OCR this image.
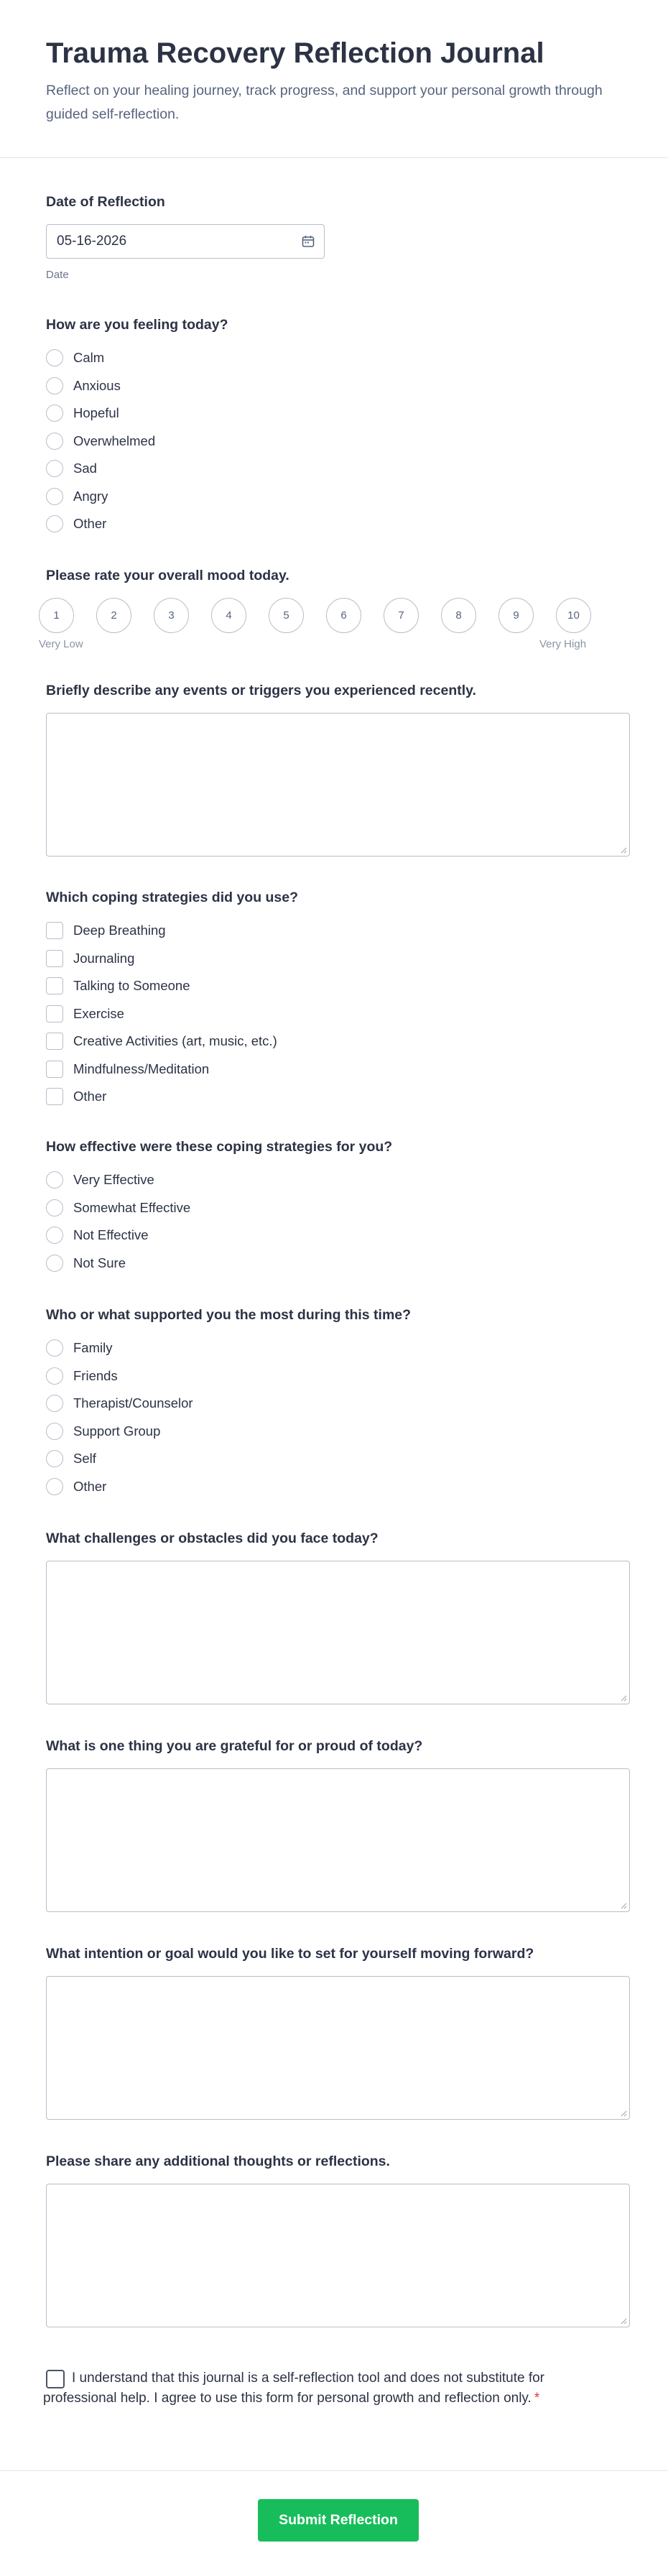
Trauma Recovery Reflection Journal
Reflect on your healing journey, track progress, and support your personal growth through guided self-reflection.
Date of Reflection
05-16-2026
Date
How are you feeling today?
Calm
Anxious
Hopeful
Overwhelmed
Sad
Angry
Other
Please rate your overall mood today.
1	2	3	4	5	6	7	8	9	10
Very Low	Very High
Briefly describe any events or triggers you experienced recently.
Which coping strategies did you use?
Deep Breathing
Journaling
Talking to Someone
Exercise
Creative Activities (art, music, etc.)
Mindfulness/Meditation
Other
How effective were these coping strategies for you?
Very Effective
Somewhat Effective
Not Effective
Not Sure
Who or what supported you the most during this time?
Family
Friends
Therapist/Counselor
Support Group
Self
Other
What challenges or obstacles did you face today?
What is one thing you are grateful for or proud of today?
What intention or goal would you like to set for yourself moving forward?
Please share any additional thoughts or reflections.
I understand that this journal is a self-reflection tool and does not substitute for professional help. I agree to use this form for personal growth and reflection only. *
Submit Reflection
